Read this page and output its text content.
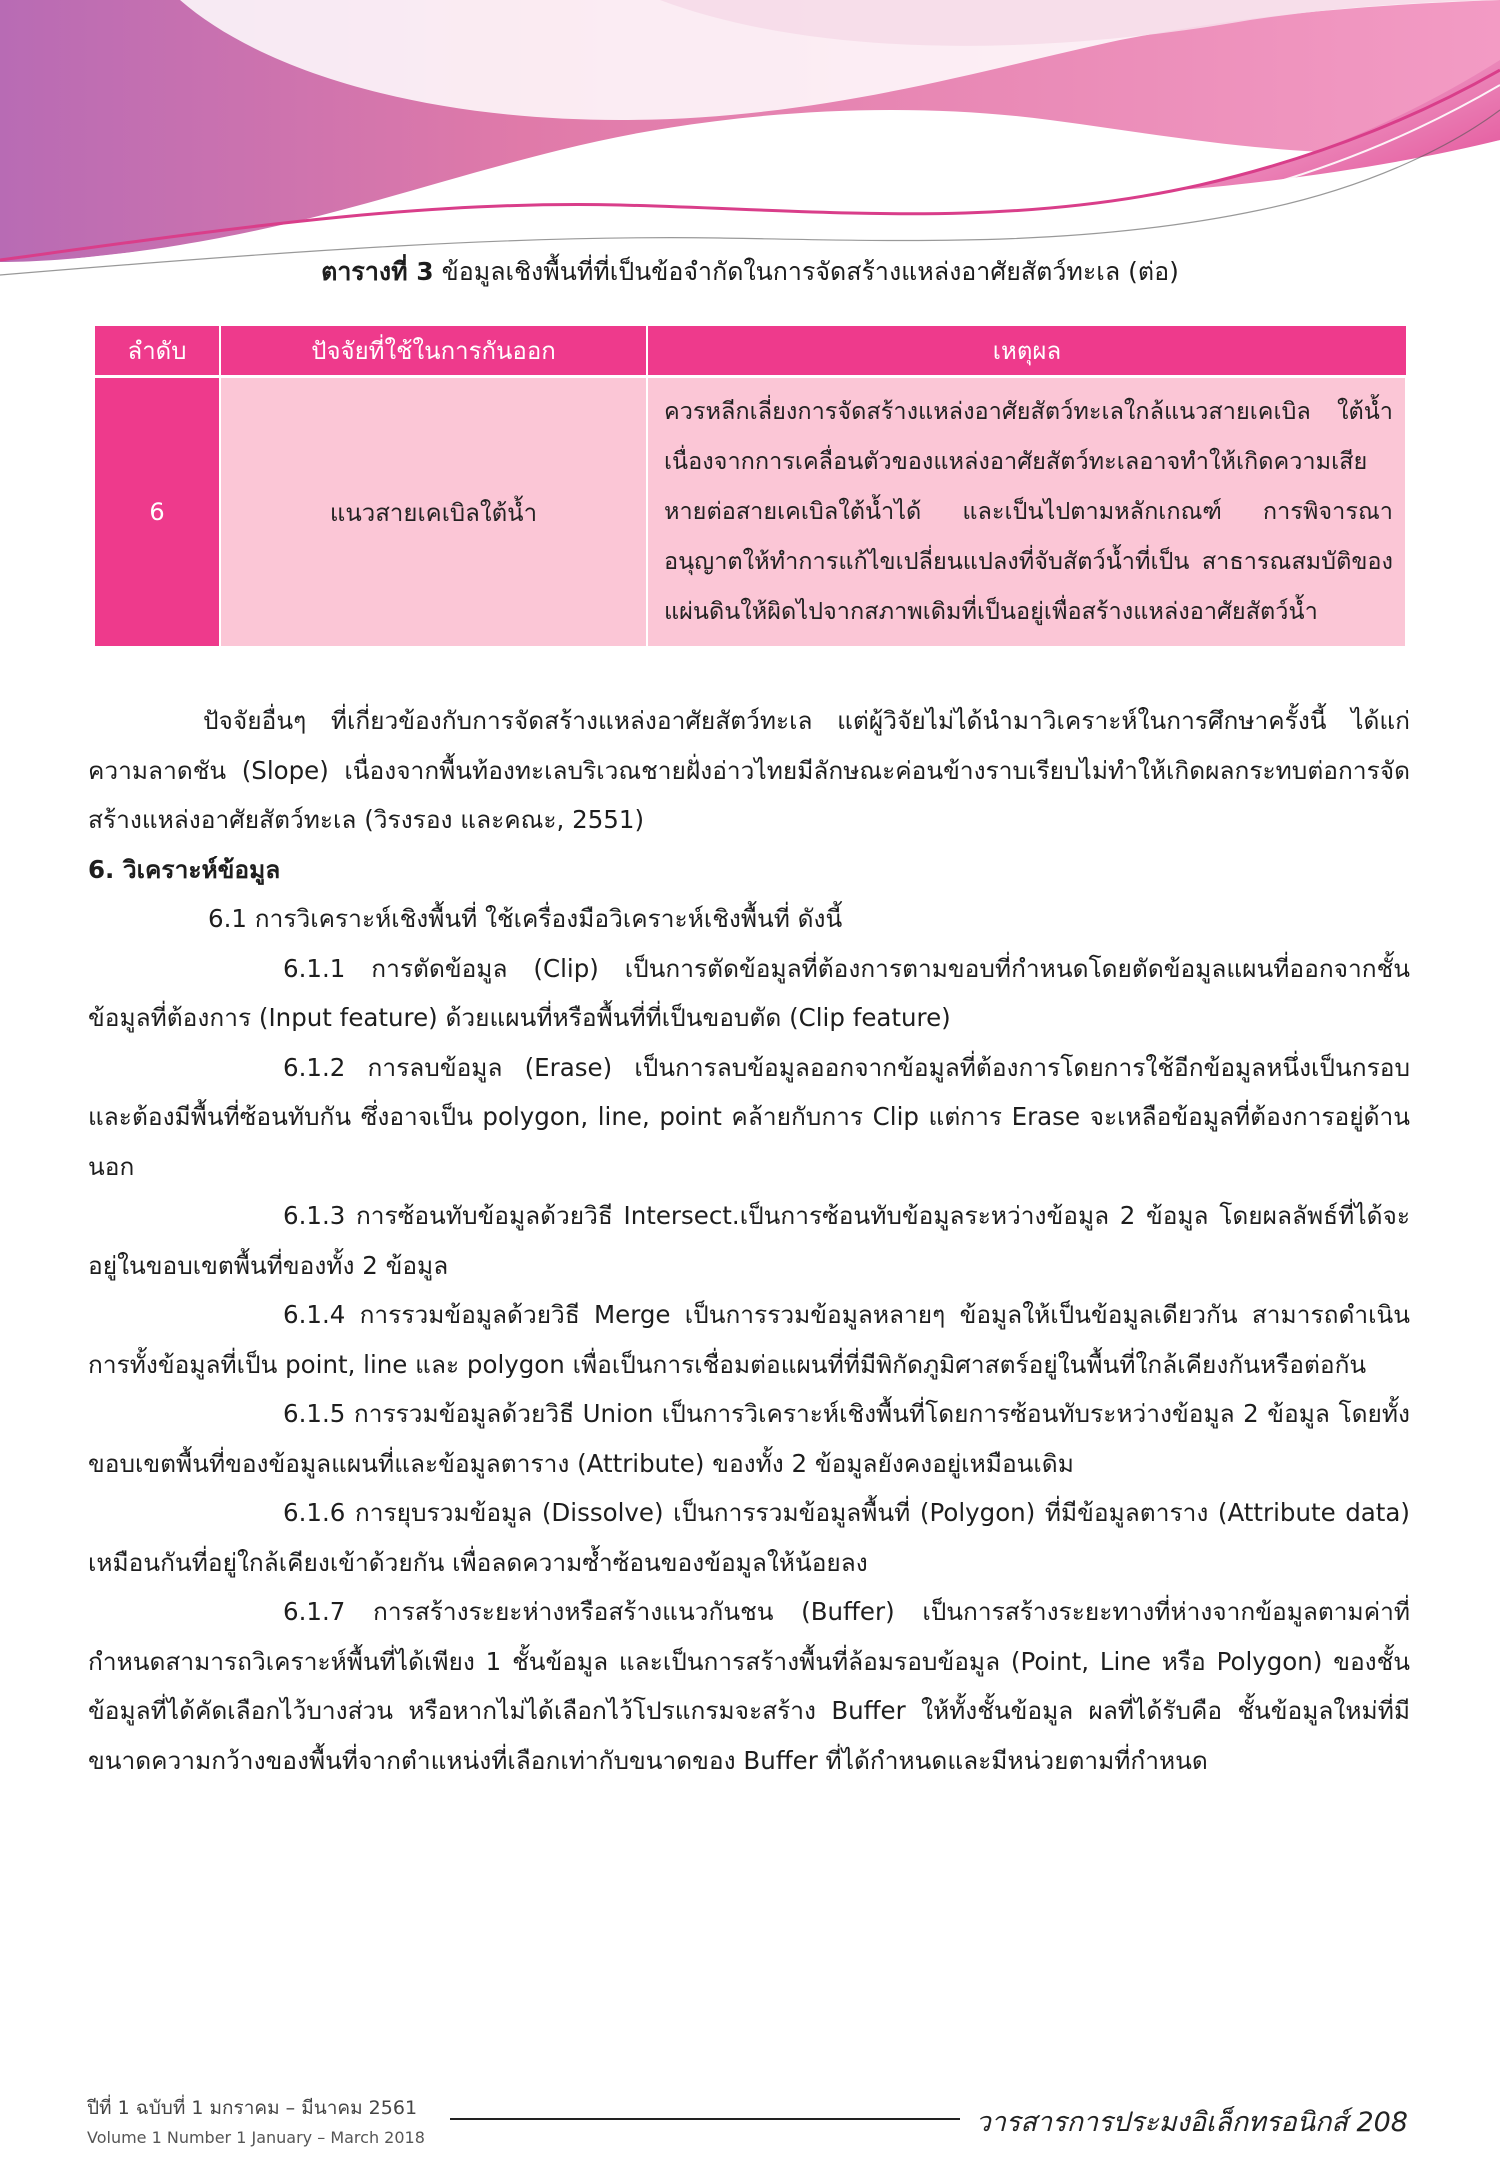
ตารางที่ 3 ข้อมูลเชิงพื้นที่ที่เป็นข้อจำกัดในการจัดสร้างแหล่งอาศัยสัตว์ทะเล (ต่อ)
ลำดับ	ปัจจัยที่ใช้ในการกันออก	เหตุผล
6	แนวสายเคเบิลใต้น้ำ	ควรหลีกเลี่ยงการจัดสร้างแหล่งอาศัยสัตว์ทะเลใกล้แนวสายเคเบิล ใต้น้ำ เนื่องจากการเคลื่อนตัวของแหล่งอาศัยสัตว์ทะเลอาจทำให้เกิดความเสียหายต่อสายเคเบิลใต้น้ำได้ และเป็นไปตามหลักเกณฑ์ การพิจารณาอนุญาตให้ทำการแก้ไขเปลี่ยนแปลงที่จับสัตว์น้ำที่เป็น สาธารณสมบัติของแผ่นดินให้ผิดไปจากสภาพเดิมที่เป็นอยู่เพื่อสร้างแหล่งอาศัยสัตว์น้ำ

ปัจจัยอื่นๆ ที่เกี่ยวข้องกับการจัดสร้างแหล่งอาศัยสัตว์ทะเล แต่ผู้วิจัยไม่ได้นำมาวิเคราะห์ในการศึกษาครั้งนี้ ได้แก่ ความลาดชัน (Slope) เนื่องจากพื้นท้องทะเลบริเวณชายฝั่งอ่าวไทยมีลักษณะค่อนข้างราบเรียบไม่ทำให้เกิดผลกระทบต่อการจัดสร้างแหล่งอาศัยสัตว์ทะเล (วิรงรอง และคณะ, 2551)

6. วิเคราะห์ข้อมูล

6.1 การวิเคราะห์เชิงพื้นที่ ใช้เครื่องมือวิเคราะห์เชิงพื้นที่ ดังนี้

6.1.1 การตัดข้อมูล (Clip) เป็นการตัดข้อมูลที่ต้องการตามขอบที่กำหนดโดยตัดข้อมูลแผนที่ออกจากชั้นข้อมูลที่ต้องการ (Input feature) ด้วยแผนที่หรือพื้นที่ที่เป็นขอบตัด (Clip feature)

6.1.2 การลบข้อมูล (Erase) เป็นการลบข้อมูลออกจากข้อมูลที่ต้องการโดยการใช้อีกข้อมูลหนึ่งเป็นกรอบและต้องมีพื้นที่ซ้อนทับกัน ซึ่งอาจเป็น polygon, line, point คล้ายกับการ Clip แต่การ Erase จะเหลือข้อมูลที่ต้องการอยู่ด้านนอก

6.1.3 การซ้อนทับข้อมูลด้วยวิธี Intersect.เป็นการซ้อนทับข้อมูลระหว่างข้อมูล 2 ข้อมูล โดยผลลัพธ์ที่ได้จะอยู่ในขอบเขตพื้นที่ของทั้ง 2 ข้อมูล

6.1.4 การรวมข้อมูลด้วยวิธี Merge เป็นการรวมข้อมูลหลายๆ ข้อมูลให้เป็นข้อมูลเดียวกัน สามารถดำเนินการทั้งข้อมูลที่เป็น point, line และ polygon เพื่อเป็นการเชื่อมต่อแผนที่ที่มีพิกัดภูมิศาสตร์อยู่ในพื้นที่ใกล้เคียงกันหรือต่อกัน

6.1.5 การรวมข้อมูลด้วยวิธี Union เป็นการวิเคราะห์เชิงพื้นที่โดยการซ้อนทับระหว่างข้อมูล 2 ข้อมูล โดยทั้งขอบเขตพื้นที่ของข้อมูลแผนที่และข้อมูลตาราง (Attribute) ของทั้ง 2 ข้อมูลยังคงอยู่เหมือนเดิม

6.1.6 การยุบรวมข้อมูล (Dissolve) เป็นการรวมข้อมูลพื้นที่ (Polygon) ที่มีข้อมูลตาราง (Attribute data) เหมือนกันที่อยู่ใกล้เคียงเข้าด้วยกัน เพื่อลดความซ้ำซ้อนของข้อมูลให้น้อยลง

6.1.7 การสร้างระยะห่างหรือสร้างแนวกันชน (Buffer) เป็นการสร้างระยะทางที่ห่างจากข้อมูลตามค่าที่กำหนดสามารถวิเคราะห์พื้นที่ได้เพียง 1 ชั้นข้อมูล และเป็นการสร้างพื้นที่ล้อมรอบข้อมูล (Point, Line หรือ Polygon) ของชั้นข้อมูลที่ได้คัดเลือกไว้บางส่วน หรือหากไม่ได้เลือกไว้โปรแกรมจะสร้าง Buffer ให้ทั้งชั้นข้อมูล ผลที่ได้รับคือ ชั้นข้อมูลใหม่ที่มีขนาดความกว้างของพื้นที่จากตำแหน่งที่เลือกเท่ากับขนาดของ Buffer ที่ได้กำหนดและมีหน่วยตามที่กำหนด

ปีที่ 1 ฉบับที่ 1 มกราคม – มีนาคม 2561
Volume 1 Number 1 January – March 2018	วารสารการประมงอิเล็กทรอนิกส์ 208
